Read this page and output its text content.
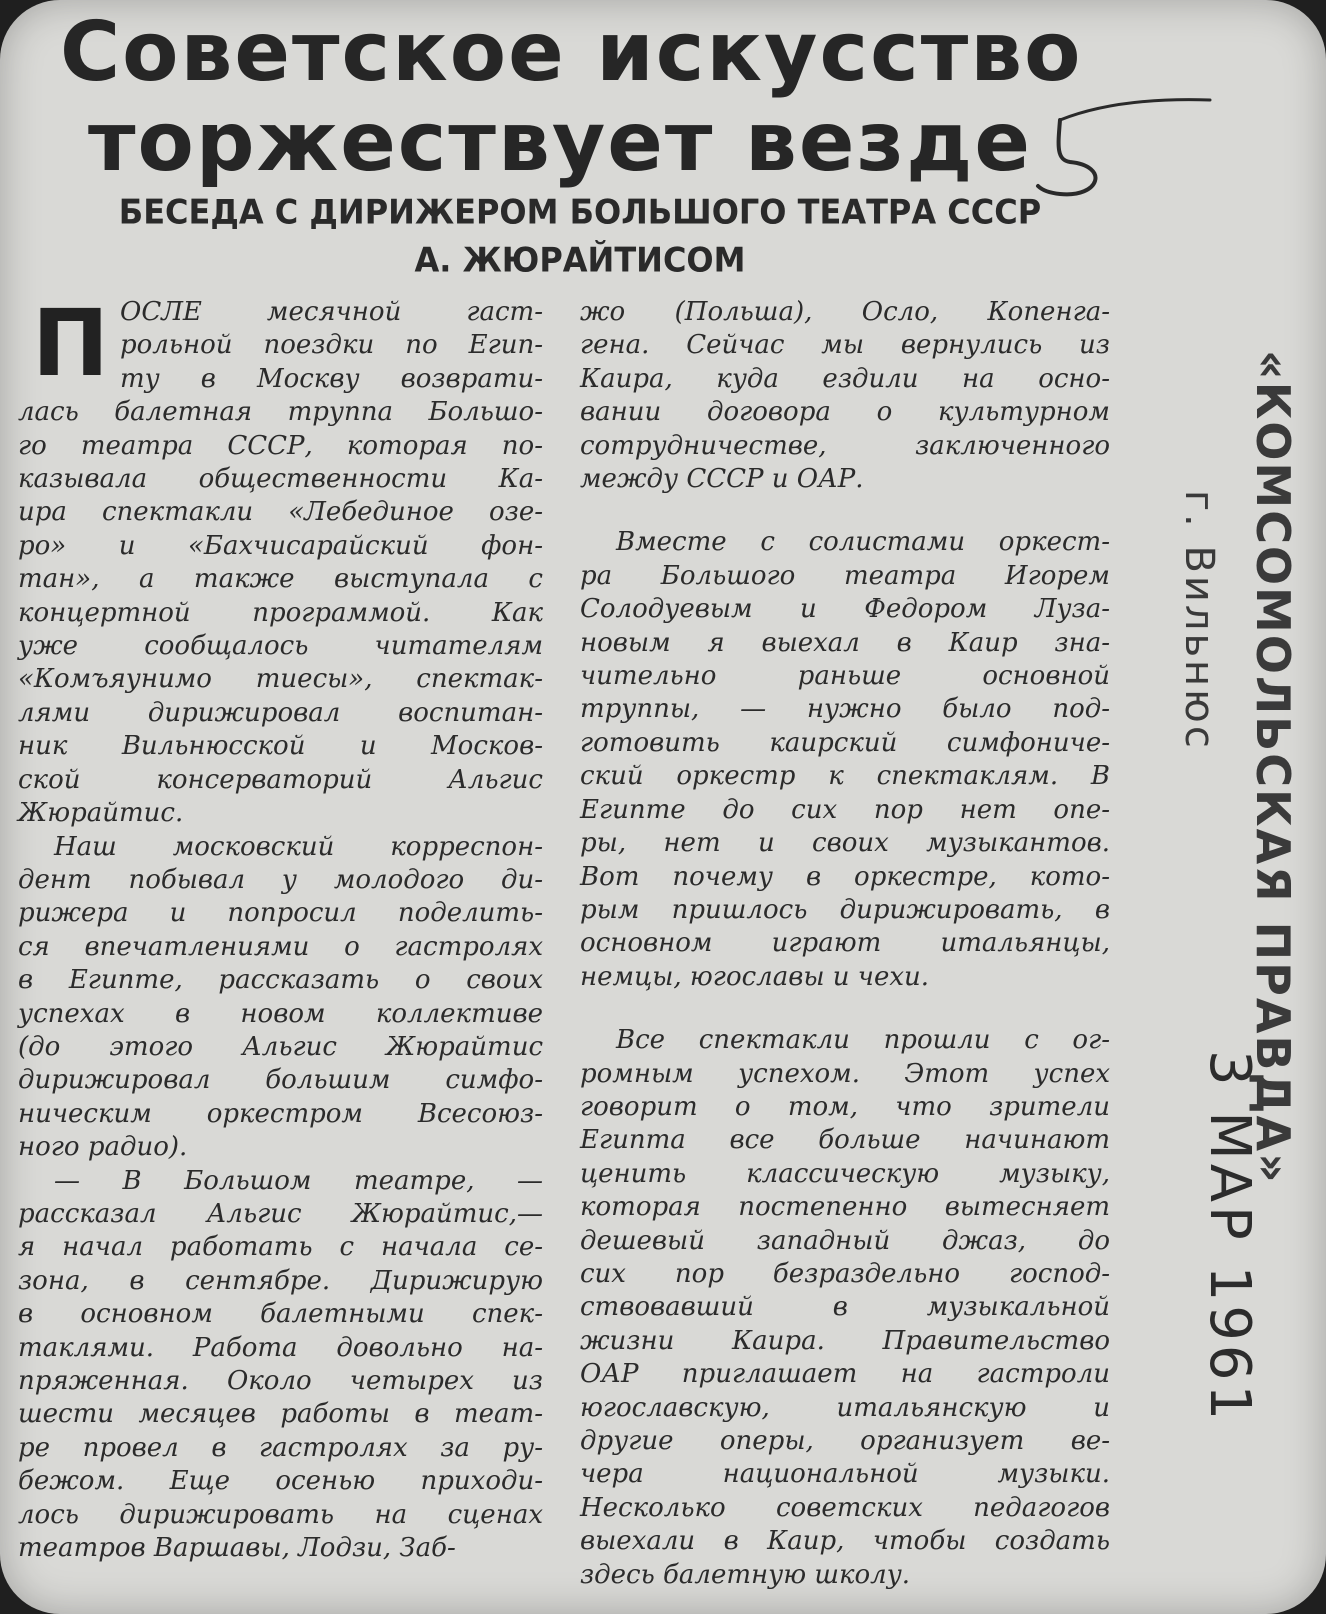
Советское искусство
торжествует везде
БЕСЕДА С ДИРИЖЕРОМ БОЛЬШОГО ТЕАТРА СССР
А. ЖЮРАЙТИСОМ
П ОСЛЕ месячной гаст-

рольной поездки по Егип-

ту в Москву возврати-

лась балетная труппа Большо-

го театра СССР, которая по-

казывала общественности Ка-

ира спектакли «Лебединое озе-

ро» и «Бахчисарайский фон-

тан», а также выступала с

концертной программой. Как

уже сообщалось читателям

«Комъяунимо тиесы», спектак-

лями дирижировал воспитан-

ник Вильнюсской и Москов-

ской консерваторий Альгис

Жюрайтис.

Наш московский корреспон-

дент побывал у молодого ди-

рижера и попросил поделить-

ся впечатлениями о гастролях

в Египте, рассказать о своих

успехах в новом коллективе

(до этого Альгис Жюрайтис

дирижировал большим симфо-

ническим оркестром Всесоюз-

ного радио).

— В Большом театре, —

рассказал Альгис Жюрайтис,—

я начал работать с начала се-

зона, в сентябре. Дирижирую

в основном балетными спек-

таклями. Работа довольно на-

пряженная. Около четырех из

шести месяцев работы в теат-

ре провел в гастролях за ру-

бежом. Еще осенью приходи-

лось дирижировать на сценах

театров Варшавы, Лодзи, Заб-

жо (Польша), Осло, Копенга-

гена. Сейчас мы вернулись из

Каира, куда ездили на осно-

вании договора о культурном

сотрудничестве, заключенного

между СССР и ОАР.

Вместе с солистами оркест-

ра Большого театра Игорем

Солодуевым и Федором Луза-

новым я выехал в Каир зна-

чительно раньше основной

труппы, — нужно было под-

готовить каирский симфониче-

ский оркестр к спектаклям. В

Египте до сих пор нет опе-

ры, нет и своих музыкантов.

Вот почему в оркестре, кото-

рым пришлось дирижировать, в

основном играют итальянцы,

немцы, югославы и чехи.

Все спектакли прошли с ог-

ромным успехом. Этот успех

говорит о том, что зрители

Египта все больше начинают

ценить классическую музыку,

которая постепенно вытесняет

дешевый западный джаз, до

сих пор безраздельно господ-

ствовавший в музыкальной

жизни Каира. Правительство

ОАР приглашает на гастроли

югославскую, итальянскую и

другие оперы, организует ве-

чера национальной музыки.

Несколько советских педагогов

выехали в Каир, чтобы создать

здесь балетную школу.

«КОМСОМОЛЬСКАЯ ПРАВДА»
г. Вильнюс
3 МАР 1961
